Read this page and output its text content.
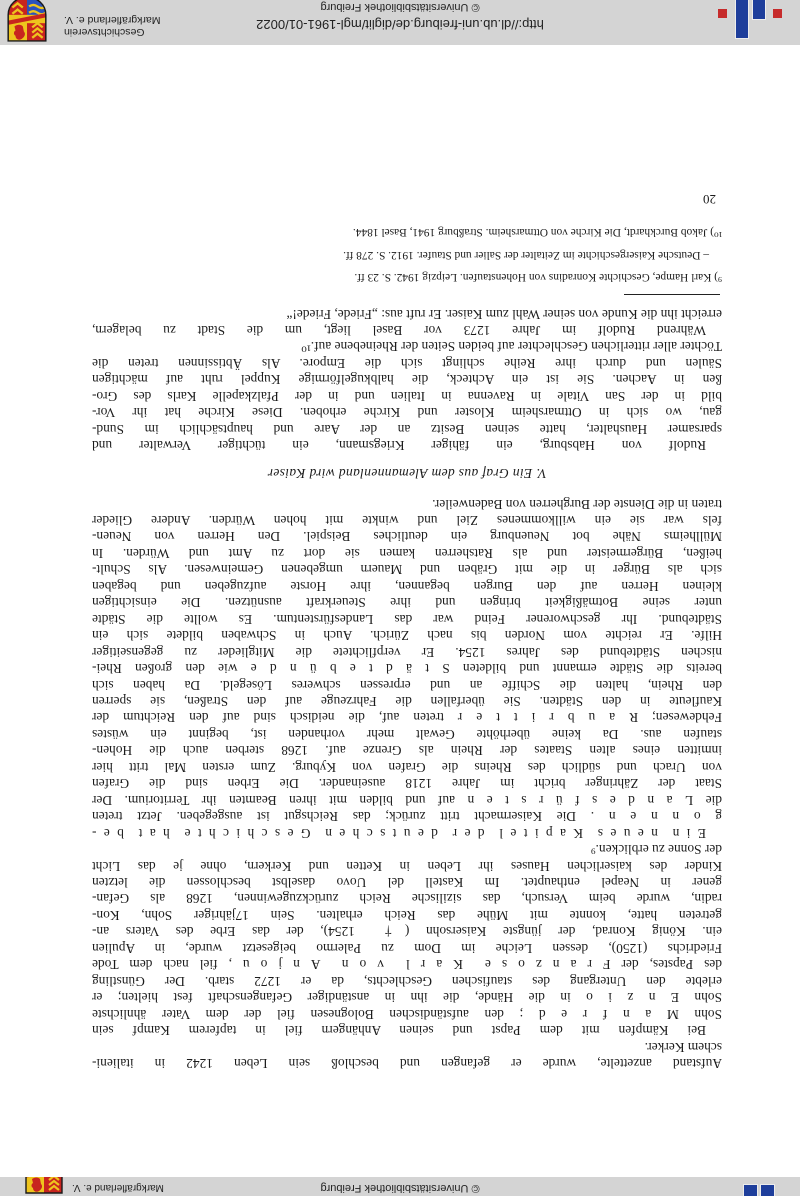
© Universitätsbibliothek Freiburg
Markgräflerland e. V.
Aufstand anzettelte, wurde er gefangen und beschloß sein Leben 1242 in italieni-
schem Kerker.
Bei Kämpfen mit dem Papst und seinen Anhängern fiel in tapferem Kampf sein
Sohn M a n f r e d ; den aufständischen Bolognesen fiel der dem Vater ähnlichste
Sohn E n z i o in die Hände, die ihn in anständiger Gefangenschaft fest hielten; er
erlebte den Untergang des staufischen Geschlechts, da er 1272 starb. Der Günstling
des Papstes, der F r a n z o s e  K a r l  v o n  A n j o u , fiel nach dem Tode
Friedrichs (1250), dessen Leiche im Dom zu Palermo beigesetzt wurde, in Apulien
ein. König Konrad, der jüngste Kaisersohn († 1254), der das Erbe des Vaters an-
getreten hatte, konnte mit Mühe das Reich erhalten. Sein 17jähriger Sohn, Kon-
radin, wurde beim Versuch, das sizilische Reich zurückzugewinnen, 1268 als Gefan-
gener in Neapel enthauptet. Im Kastell del Uovo daselbst beschlossen die letzten
Kinder des kaiserlichen Hauses ihr Leben in Ketten und Kerkern, ohne je das Licht
der Sonne zu erblicken.⁹
E i n  n e u e s  K a p i t e l  d e r  d e u t s c h e n  G e s c h i c h t e  h a t  b e -
g o n n e n . Die Kaisermacht tritt zurück; das Reichsgut ist ausgegeben. Jetzt treten
die L a n d e s f ü r s t e n auf und bilden mit ihren Beamten ihr Territorium. Der
Staat der Zähringer bricht im Jahre 1218 auseinander. Die Erben sind die Grafen
von Urach und südlich des Rheins die Grafen von Kyburg. Zum ersten Mal tritt hier
inmitten eines alten Staates der Rhein als Grenze auf. 1268 sterben auch die Hohen-
staufen aus. Da keine überhöhte Gewalt mehr vorhanden ist, beginnt ein wüstes
Fehdewesen; R a u b r i t t e r treten auf, die neidisch sind auf den Reichtum der
Kaufleute in den Städten. Sie überfallen die Fahrzeuge auf den Straßen, sie sperren
den Rhein, halten die Schiffe an und erpressen schweres Lösegeld. Da haben sich
bereits die Städte ermannt und bildeten S t ä d t e b ü n d e wie den großen Rhei-
nischen Städtebund des Jahres 1254. Er verpflichtete die Mitglieder zu gegenseitiger
Hilfe. Er reichte vom Norden bis nach Zürich. Auch in Schwaben bildete sich ein
Städtebund. Ihr geschworener Feind war das Landesfürstentum. Es wollte die Städte
unter seine Botmäßigkeit bringen und ihre Steuerkraft ausnützen. Die einsichtigen
kleinen Herren auf den Burgen begannen, ihre Horste aufzugeben und begaben
sich als Bürger in die mit Gräben und Mauern umgebenen Gemeinwesen. Als Schult-
heißen, Bürgermeister und als Ratsherren kamen sie dort zu Amt und Würden. In
Müllheims Nähe bot Neuenburg ein deutliches Beispiel. Den Herren von Neuen-
fels war sie ein willkommenes Ziel und winkte mit hohen Würden. Andere Glieder
traten in die Dienste der Burgherren von Badenweiler.
V. Ein Graf aus dem Alemannenland wird Kaiser
Rudolf von Habsburg, ein fähiger Kriegsmann, ein tüchtiger Verwalter und
sparsamer Haushalter, hatte seinen Besitz an der Aare und hauptsächlich im Sund-
gau, wo sich in Ottmarsheim Kloster und Kirche erhoben. Diese Kirche hat ihr Vor-
bild in der San Vitale in Ravenna in Italien und in der Pfalzkapelle Karls des Gro-
ßen in Aachen. Sie ist ein Achteck, die halbkugelförmige Kuppel ruht auf mächtigen
Säulen und durch ihre Reihe schlingt sich die Empore. Als Äbtissinnen treten die
Töchter aller ritterlichen Geschlechter auf beiden Seiten der Rheinebene auf.¹⁰
Während Rudolf im Jahre 1273 vor Basel liegt, um die Stadt zu belagern,
erreicht ihn die Kunde von seiner Wahl zum Kaiser. Er ruft aus: „Friede, Friede!“
⁹) Karl Hampe, Geschichte Konradins von Hohenstaufen. Leipzig 1942. S. 23 ff.
– Deutsche Kaisergeschichte im Zeitalter der Salier und Staufer. 1912. S. 278 ff.
¹⁰) Jakob Burckhardt, Die Kirche von Ottmarsheim. Straßburg 1941, Basel 1844.
20
http://dl.ub.uni-freiburg.de/diglit/mgl-1961-01/0022
© Universitätsbibliothek Freiburg
Geschichtsverein
Markgräflerland e. V.
